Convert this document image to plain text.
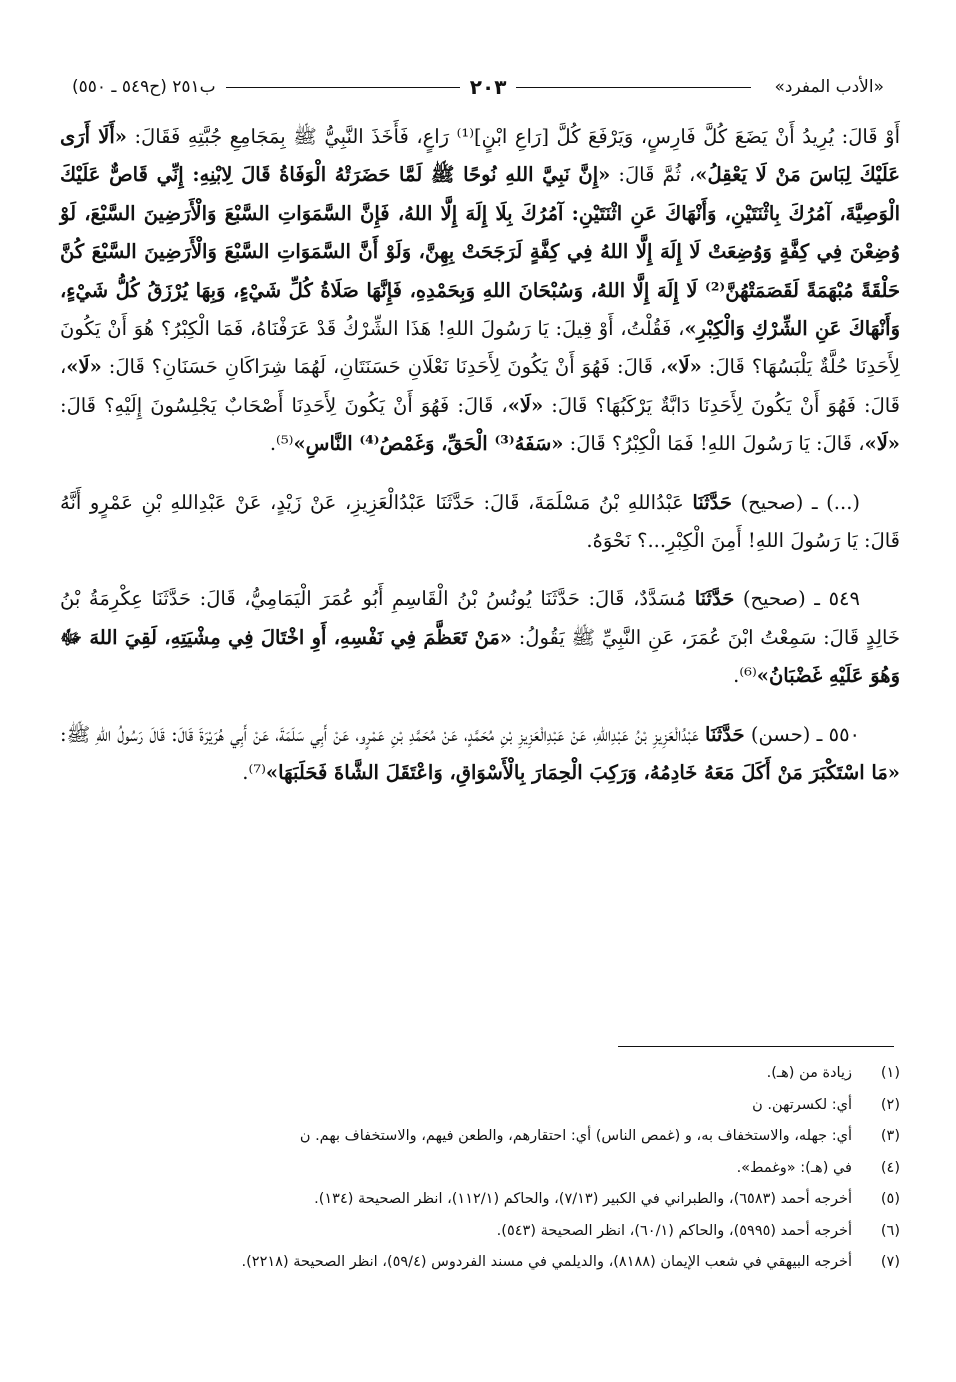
«الأدب المفرد»
٢٠٣
ب٢٥١ (ح٥٤٩ ـ ٥٥٠)

أَوْ قَالَ: يُرِيدُ أَنْ يَضَعَ كُلَّ فَارِسٍ، وَيَرْفَعَ كُلَّ [رَاعِ ابْنٍ]⁽¹⁾ رَاعٍ، فَأَخَذَ النَّبِيُّ ﷺ بِمَجَامِعِ جُبَّتِهِ فَقَالَ: «أَلَا أَرَى عَلَيْكَ لِبَاسَ مَنْ لَا يَعْقِلُ»، ثُمَّ قَالَ: «إِنَّ نَبِيَّ اللهِ نُوحًا ﷺ لَمَّا حَضَرَتْهُ الْوَفَاةُ قَالَ لِابْنِهِ: إِنِّي قَاصٌّ عَلَيْكَ الْوَصِيَّةَ، آمُرُكَ بِاثْنَتَيْنِ، وَأَنْهَاكَ عَنِ اثْنَتَيْنِ: آمُرُكَ بِلَا إِلَهَ إِلَّا اللهُ، فَإِنَّ السَّمَوَاتِ السَّبْعَ وَالْأَرَضِينَ السَّبْعَ، لَوْ وُضِعْنَ فِي كِفَّةٍ وَوُضِعَتْ لَا إِلَهَ إِلَّا اللهُ فِي كِفَّةٍ لَرَجَحَتْ بِهِنَّ، وَلَوْ أَنَّ السَّمَوَاتِ السَّبْعَ وَالْأَرَضِينَ السَّبْعَ كُنَّ حَلْقَةً مُبْهَمَةً لَقَصَمَتْهُنَّ⁽²⁾ لَا إِلَهَ إِلَّا اللهُ، وَسُبْحَانَ اللهِ وَبِحَمْدِهِ، فَإِنَّهَا صَلَاةُ كُلِّ شَيْءٍ، وَبِهَا يُرْزَقُ كُلُّ شَيْءٍ، وَأَنْهَاكَ عَنِ الشِّرْكِ وَالْكِبْرِ»، فَقُلْتُ، أَوْ قِيلَ: يَا رَسُولَ اللهِ! هَذَا الشِّرْكُ قَدْ عَرَفْنَاهُ، فَمَا الْكِبْرُ؟ هُوَ أَنْ يَكُونَ لِأَحَدِنَا حُلَّةٌ يَلْبَسُهَا؟ قَالَ: «لَا»، قَالَ: فَهُوَ أَنْ يَكُونَ لِأَحَدِنَا نَعْلَانِ حَسَنَتَانِ، لَهُمَا شِرَاكَانِ حَسَنَانِ؟ قَالَ: «لَا»، قَالَ: فَهُوَ أَنْ يَكُونَ لِأَحَدِنَا دَابَّةٌ يَرْكَبُهَا؟ قَالَ: «لَا»، قَالَ: فَهُوَ أَنْ يَكُونَ لِأَحَدِنَا أَصْحَابٌ يَجْلِسُونَ إِلَيْهِ؟ قَالَ: «لَا»، قَالَ: يَا رَسُولَ اللهِ! فَمَا الْكِبْرُ؟ قَالَ: «سَفَهُ⁽³⁾ الْحَقِّ، وَغَمْصُ⁽⁴⁾ النَّاسِ»⁽⁵⁾.

(...) ـ (صحيح) حَدَّثَنَا عَبْدُاللهِ بْنُ مَسْلَمَةَ، قَالَ: حَدَّثَنَا عَبْدُالْعَزِيزِ، عَنْ زَيْدٍ، عَنْ عَبْدِاللهِ بْنِ عَمْرٍو أَنَّهُ قَالَ: يَا رَسُولَ اللهِ! أَمِنَ الْكِبْرِ...؟ نَحْوَهُ.

٥٤٩ ـ (صحيح) حَدَّثَنَا مُسَدَّدٌ، قَالَ: حَدَّثَنَا يُونُسُ بْنُ الْقَاسِمِ أَبُو عُمَرَ الْيَمَامِيُّ، قَالَ: حَدَّثَنَا عِكْرِمَةُ بْنُ خَالِدٍ قَالَ: سَمِعْتُ ابْنَ عُمَرَ، عَنِ النَّبِيِّ ﷺ يَقُولُ: «مَنْ تَعَظَّمَ فِي نَفْسِهِ، أَوِ اخْتَالَ فِي مِشْيَتِهِ، لَقِيَ اللهَ ﷻ وَهُوَ عَلَيْهِ غَضْبَانُ»⁽⁶⁾.

٥٥٠ ـ (حسن) حَدَّثَنَا عَبْدُالْعَزِيزِ بْنُ عَبْدِاللهِ، عَنْ عَبْدِالْعَزِيزِ بْنِ مُحَمَّدٍ، عَنْ مُحَمَّدِ بْنِ عَمْرٍو، عَنْ أَبِي سَلَمَةَ، عَنْ أَبِي هُرَيْرَةَ قَالَ: قَالَ رَسُولُ اللهِ ﷺ: «مَا اسْتَكْبَرَ مَنْ أَكَلَ مَعَهُ خَادِمُهُ، وَرَكِبَ الْحِمَارَ بِالْأَسْوَاقِ، وَاعْتَقَلَ الشَّاةَ فَحَلَبَهَا»⁽⁷⁾.

(١)
زيادة من (هـ).
(٢)
أي: لكسرتهن. ن
(٣)
أي: جهله، والاستخفاف به، و (غمص الناس) أي: احتقارهم، والطعن فيهم، والاستخفاف بهم. ن
(٤)
في (هـ): «وغمط».
(٥)
أخرجه أحمد (٦٥٨٣)، والطبراني في الكبير (٧/١٣)، والحاكم (١١٢/١)، انظر الصحيحة (١٣٤).
(٦)
أخرجه أحمد (٥٩٩٥)، والحاكم (٦٠/١)، انظر الصحيحة (٥٤٣).
(٧)
أخرجه البيهقي في شعب الإيمان (٨١٨٨)، والديلمي في مسند الفردوس (٥٩/٤)، انظر الصحيحة (٢٢١٨).
